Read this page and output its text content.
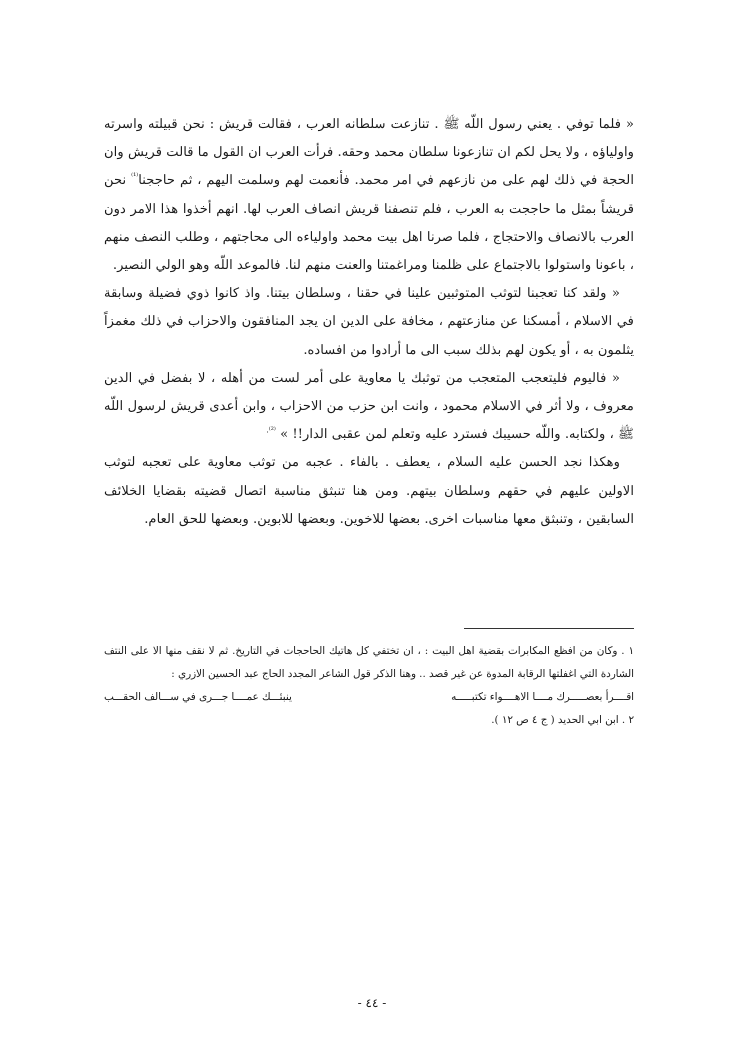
« فلما توفي . يعني رسول اللّه ﷺ . تنازعت سلطانه العرب ، فقالت قريش : نحن قبيلته واسرته واولياؤه ، ولا يحل لكم ان تنازعونا سلطان محمد وحقه. فرأت العرب ان القول ما قالت قريش وان الحجة في ذلك لهم على من نازعهم في امر محمد. فأنعمت لهم وسلمت اليهم ، ثم حاججنا$^{^{(1)}}$ نحن قريشاً بمثل ما حاججت به العرب ، فلم تنصفنا قريش انصاف العرب لها. انهم أخذوا هذا الامر دون العرب بالانصاف والاحتجاج ، فلما صرنا اهل بيت محمد واولياءه الى محاجتهم ، وطلب النصف منهم ، باعونا واستولوا بالاجتماع على ظلمنا ومراغمتنا والعنت منهم لنا. فالموعد اللّه وهو الولي النصير.

« ولقد كنا تعجبنا لتوثب المتوثبين علينا في حقنا ، وسلطان بيتنا. واذ كانوا ذوي فضيلة وسابقة في الاسلام ، أمسكنا عن منازعتهم ، مخافة على الدين ان يجد المنافقون والاحزاب في ذلك مغمزاً يثلمون به ، أو يكون لهم بذلك سبب الى ما أرادوا من افساده.

« فاليوم فليتعجب المتعجب من توثبك يا معاوية على أمر لست من أهله ، لا بفضل في الدين معروف ، ولا أثر في الاسلام محمود ، وانت ابن حزب من الاحزاب ، وابن أعدى قريش لرسول اللّه ﷺ ، ولكتابه. واللّه حسيبك فسترد عليه وتعلم لمن عقبى الدار!! » $^{^{(2)}.}$

وهكذا نجد الحسن عليه السلام ، يعطف . بالفاء . عجبه من توثب معاوية على تعجبه لتوثب الاولين عليهم في حقهم وسلطان بيتهم. ومن هنا تنبثق مناسبة اتصال قضيته بقضايا الخلائف السابقين ، وتنبثق معها مناسبات اخرى. بعضها للاخوين. وبعضها للابوين. وبعضها للحق العام.

١ . وكان من افظع المكابرات بقضية اهل البيت : ، ان تختفي كل هاتيك الحاحجات في التاريخ. ثم لا نقف منها الا على النتف الشاردة التي اغفلتها الرقابة المدوة عن غير قصد .. وهنا الذكر قول الشاعر المجدد الحاج عبد الحسين الازري :

اقــــرأ بعصـــــرك مــــا الاهــــواء تكتبـــــه
ينبئـــك عمــــا جـــرى في ســـالف الحقـــب

٢ . ابن ابي الحديد ( ج ٤ ص ١٢ ).

- ٤٤ -
